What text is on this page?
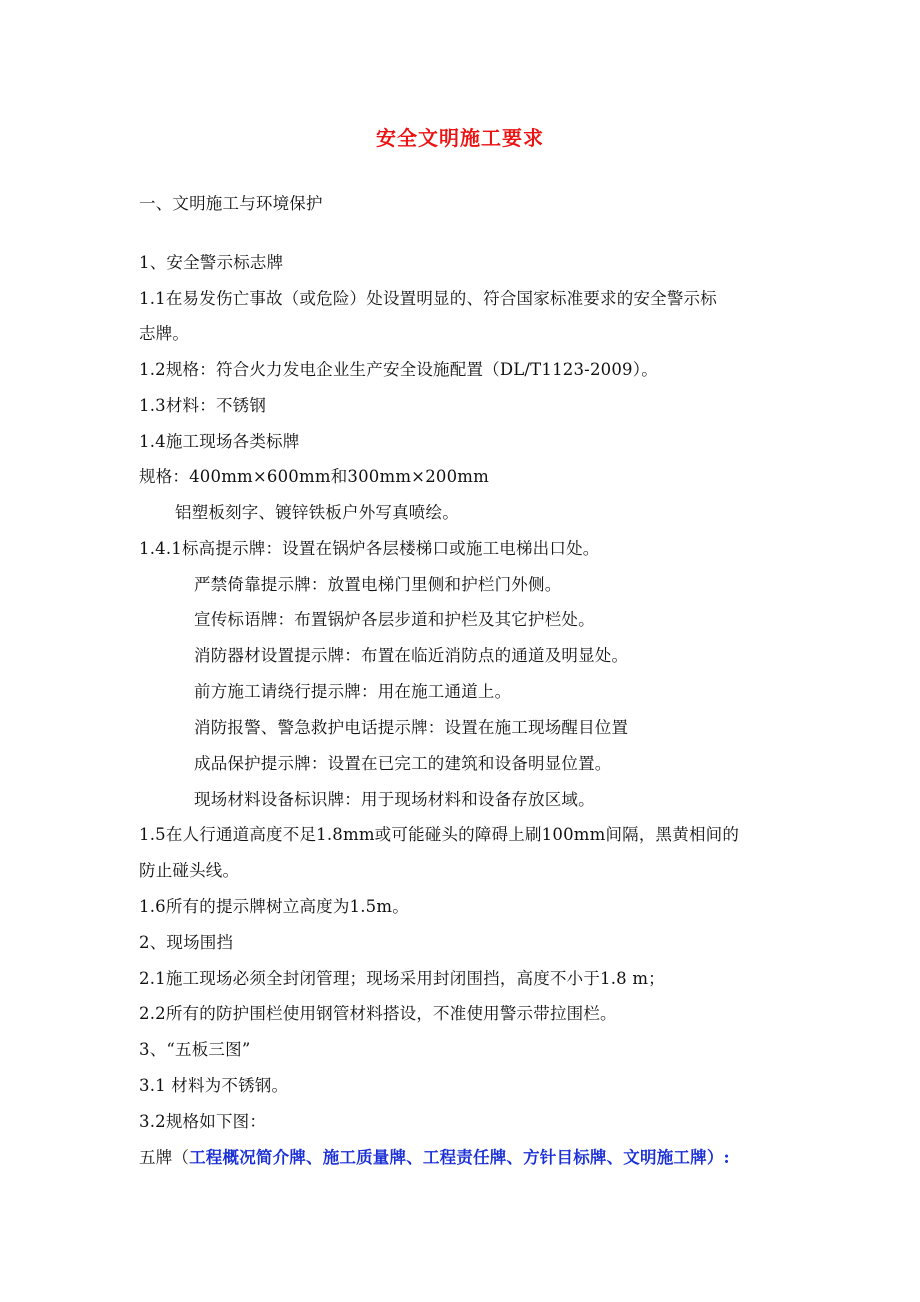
安全文明施工要求
一、文明施工与环境保护
1、安全警示标志牌
1.1在易发伤亡事故（或危险）处设置明显的、符合国家标准要求的安全警示标
志牌。
1.2规格：符合火力发电企业生产安全设施配置（DL/T1123-2009）。
1.3材料：不锈钢
1.4施工现场各类标牌
规格：400mm×600mm和300mm×200mm
铝塑板刻字、镀锌铁板户外写真喷绘。
1.4.1标高提示牌：设置在锅炉各层楼梯口或施工电梯出口处。
严禁倚靠提示牌：放置电梯门里侧和护栏门外侧。
宣传标语牌：布置锅炉各层步道和护栏及其它护栏处。
消防器材设置提示牌：布置在临近消防点的通道及明显处。
前方施工请绕行提示牌：用在施工通道上。
消防报警、警急救护电话提示牌：设置在施工现场醒目位置
成品保护提示牌：设置在已完工的建筑和设备明显位置。
现场材料设备标识牌：用于现场材料和设备存放区域。
1.5在人行通道高度不足1.8mm或可能碰头的障碍上刷100mm间隔，黑黄相间的
防止碰头线。
1.6所有的提示牌树立高度为1.5m。
2、现场围挡
2.1施工现场必须全封闭管理；现场采用封闭围挡，高度不小于1.8 m；
2.2所有的防护围栏使用钢管材料搭设，不准使用警示带拉围栏。
3、“五板三图”
3.1 材料为不锈钢。
3.2规格如下图：
五牌（工程概况简介牌、施工质量牌、工程责任牌、方针目标牌、文明施工牌）:
